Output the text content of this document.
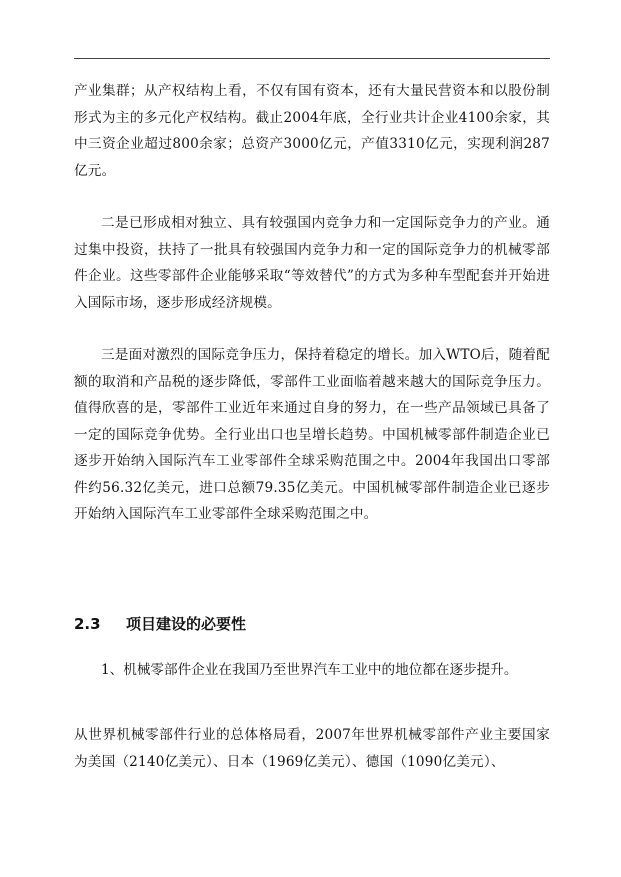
产业集群；从产权结构上看，不仅有国有资本，还有大量民营资本和以股份制形式为主的多元化产权结构。截止2004年底，全行业共计企业4100余家，其中三资企业超过800余家；总资产3000亿元，产值3310亿元，实现利润287亿元。

二是已形成相对独立、具有较强国内竞争力和一定国际竞争力的产业。通过集中投资，扶持了一批具有较强国内竞争力和一定的国际竞争力的机械零部件企业。这些零部件企业能够采取“等效替代”的方式为多种车型配套并开始进入国际市场，逐步形成经济规模。

三是面对激烈的国际竞争压力，保持着稳定的增长。加入WTO后，随着配额的取消和产品税的逐步降低，零部件工业面临着越来越大的国际竞争压力。值得欣喜的是，零部件工业近年来通过自身的努力，在一些产品领域已具备了一定的国际竞争优势。全行业出口也呈增长趋势。中国机械零部件制造企业已逐步开始纳入国际汽车工业零部件全球采购范围之中。2004年我国出口零部件约56.32亿美元，进口总额79.35亿美元。中国机械零部件制造企业已逐步开始纳入国际汽车工业零部件全球采购范围之中。

2.3 项目建设的必要性
1、机械零部件企业在我国乃至世界汽车工业中的地位都在逐步提升。

从世界机械零部件行业的总体格局看，2007年世界机械零部件产业主要国家为美国（2140亿美元）、日本（1969亿美元）、德国（1090亿美元）、
